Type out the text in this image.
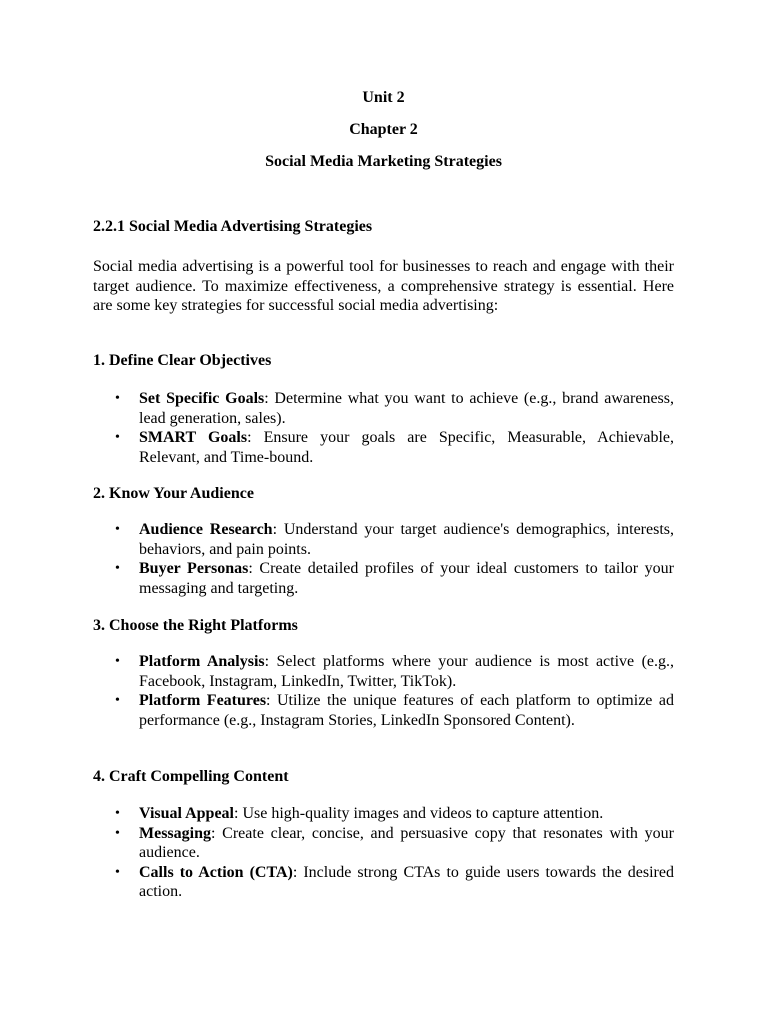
Unit 2
Chapter 2
Social Media Marketing Strategies
2.2.1 Social Media Advertising Strategies
Social media advertising is a powerful tool for businesses to reach and engage with their target audience. To maximize effectiveness, a comprehensive strategy is essential. Here are some key strategies for successful social media advertising:
1. Define Clear Objectives
• Set Specific Goals: Determine what you want to achieve (e.g., brand awareness, lead generation, sales).
• SMART Goals: Ensure your goals are Specific, Measurable, Achievable, Relevant, and Time-bound.
2. Know Your Audience
• Audience Research: Understand your target audience's demographics, interests, behaviors, and pain points.
• Buyer Personas: Create detailed profiles of your ideal customers to tailor your messaging and targeting.
3. Choose the Right Platforms
• Platform Analysis: Select platforms where your audience is most active (e.g., Facebook, Instagram, LinkedIn, Twitter, TikTok).
• Platform Features: Utilize the unique features of each platform to optimize ad performance (e.g., Instagram Stories, LinkedIn Sponsored Content).
4. Craft Compelling Content
• Visual Appeal: Use high-quality images and videos to capture attention.
• Messaging: Create clear, concise, and persuasive copy that resonates with your audience.
• Calls to Action (CTA): Include strong CTAs to guide users towards the desired action.
